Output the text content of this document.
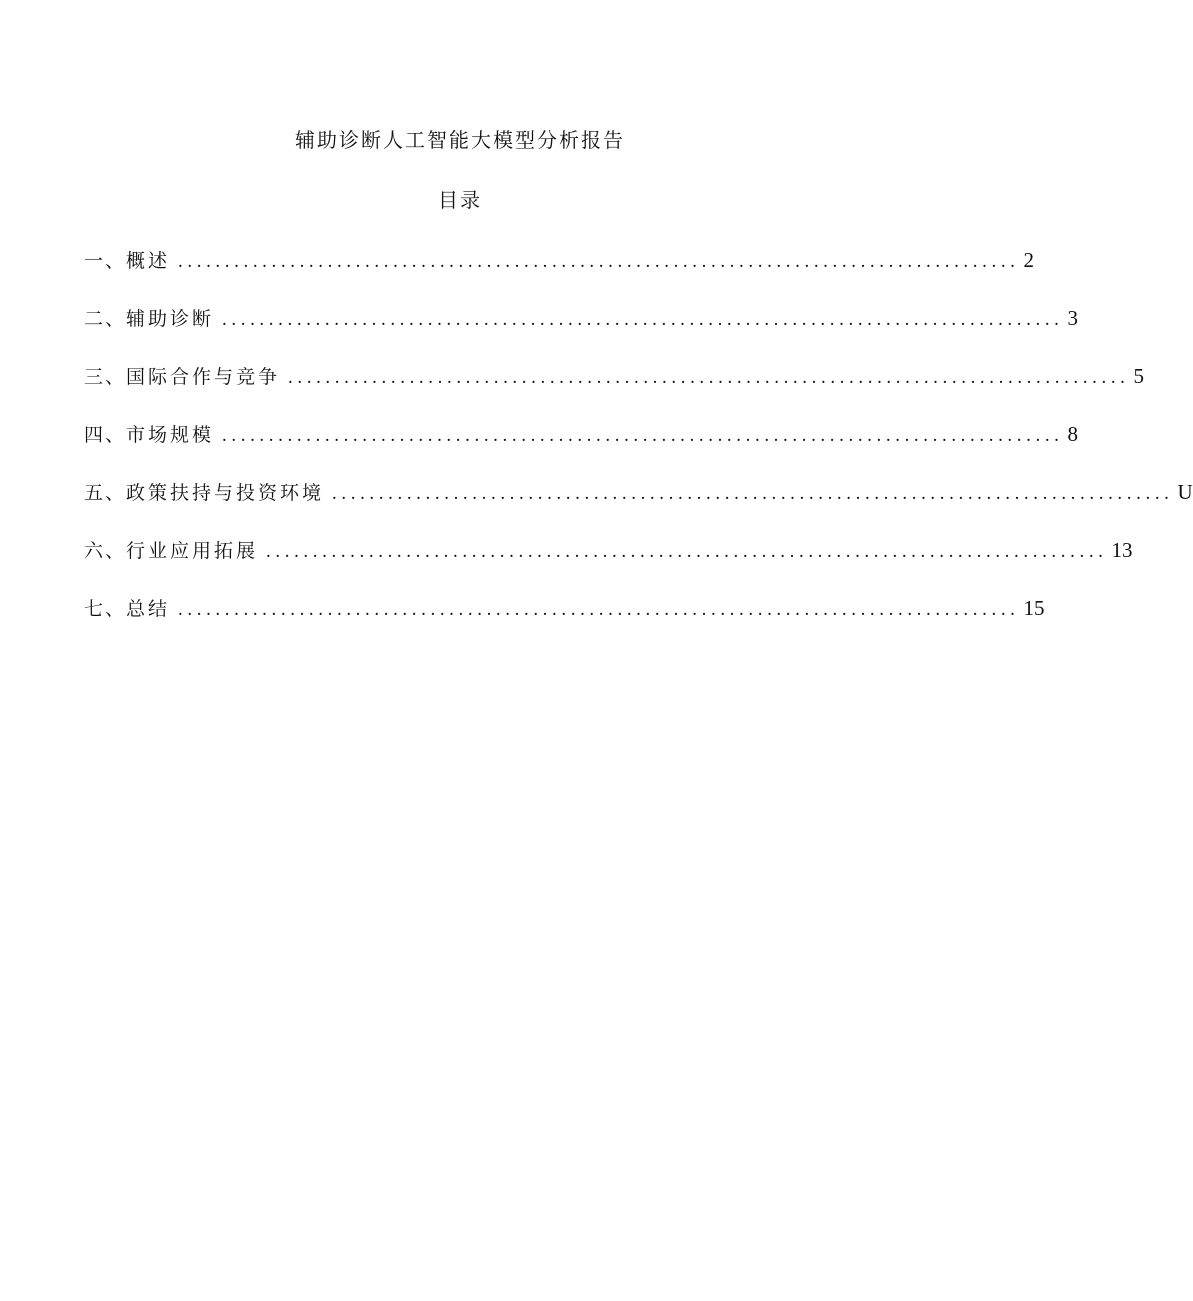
辅助诊断人工智能大模型分析报告
目录
一、 概述 .......................................................................................... 2
二、 辅助诊断 .......................................................................................... 3
三、 国际合作与竞争 .......................................................................................... 5
四、 市场规模 .......................................................................................... 8
五、 政策扶持与投资环境 .......................................................................................... U
六、 行业应用拓展 .......................................................................................... 13
七、 总结 .......................................................................................... 15
